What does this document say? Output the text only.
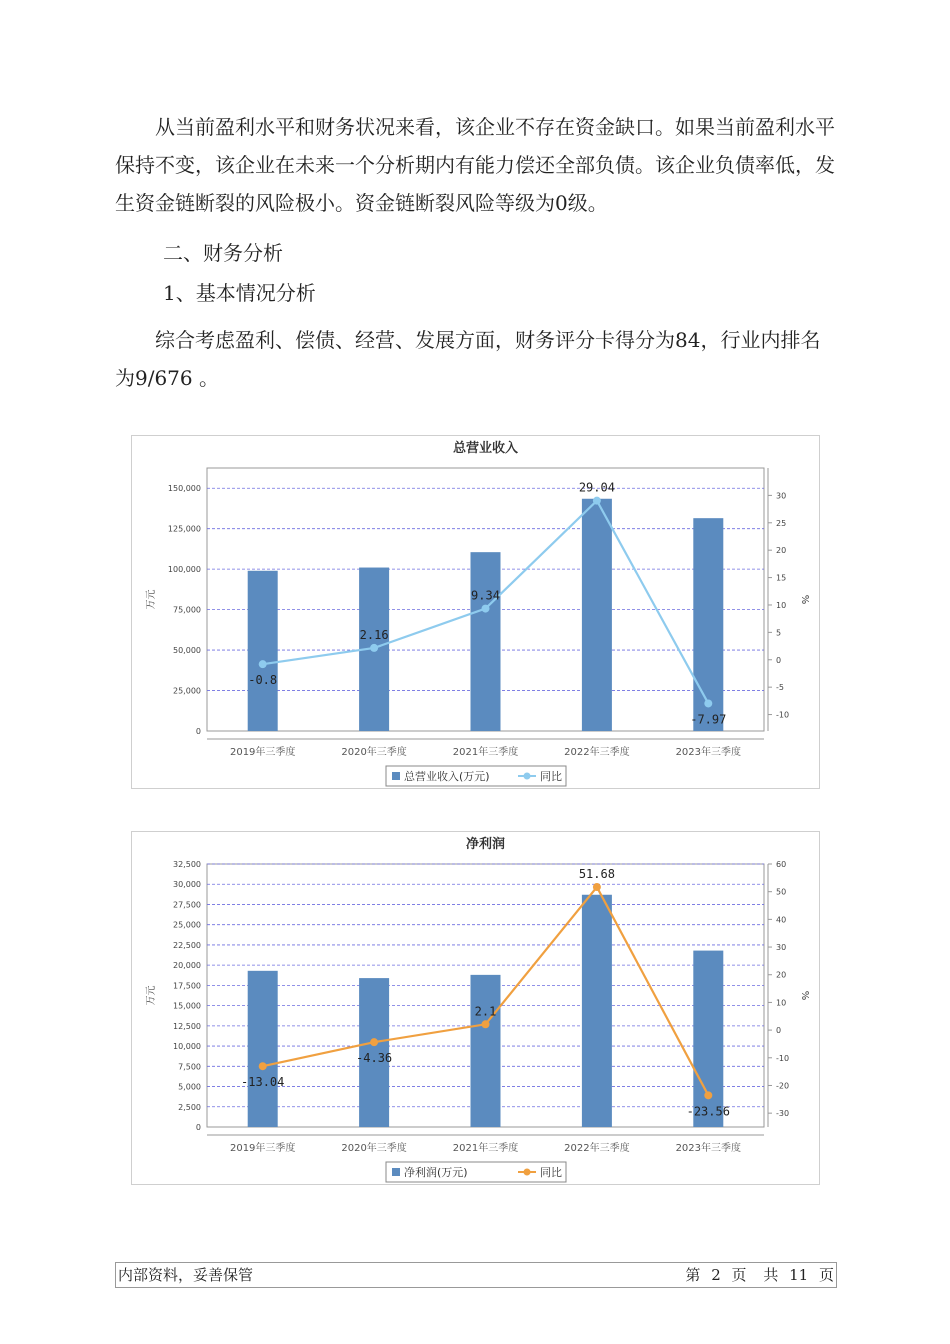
从当前盈利水平和财务状况来看，该企业不存在资金缺口。如果当前盈利水平保持不变，该企业在未来一个分析期内有能力偿还全部负债。该企业负债率低，发生资金链断裂的风险极小。资金链断裂风险等级为0级。

二、财务分析

1、基本情况分析

综合考虑盈利、偿债、经营、发展方面，财务评分卡得分为84，行业内排名为9/676 。

总营业收入
0
25,000
50,000
75,000
100,000
125,000
150,000
-10
-5
0
5
10
15
20
25
30
万元	%
2019年三季度	2020年三季度	2021年三季度	2022年三季度	2023年三季度
-0.8
2.16
9.34
29.04
-7.97
总营业收入(万元)	同比
净利润
0
2,500
5,000
7,500
10,000
12,500
15,000
17,500
20,000
22,500
25,000
27,500
30,000
32,500
-30
-20
-10
0
10
20
30
40
50
60
万元	%
2019年三季度	2020年三季度	2021年三季度	2022年三季度	2023年三季度
-13.04
-4.36
2.1
51.68
-23.56
净利润(万元)	同比
内部资料，妥善保管	第 2 页 共 11 页
